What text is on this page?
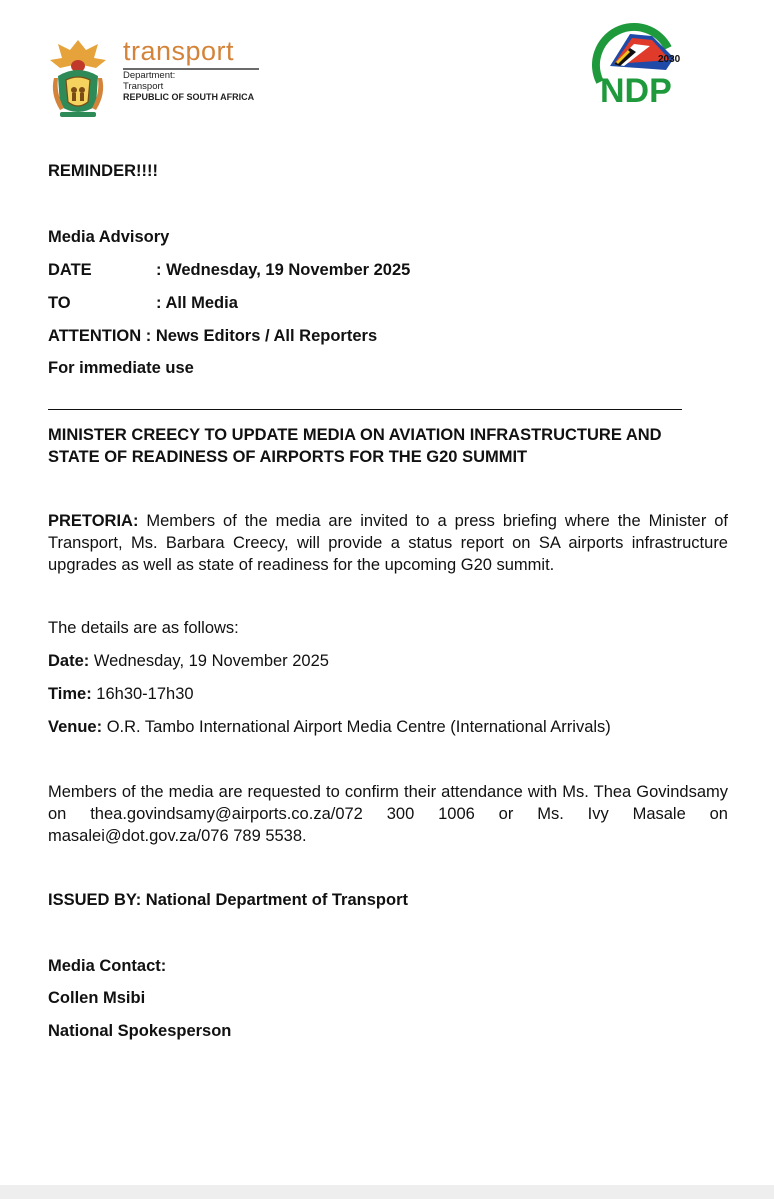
transport
Department:
Transport
REPUBLIC OF SOUTH AFRICA
2030
NDP
REMINDER!!!!
Media Advisory
DATE	: Wednesday, 19 November 2025
TO	: All Media
ATTENTION : News Editors / All Reporters
For immediate use
MINISTER CREECY TO UPDATE MEDIA ON AVIATION INFRASTRUCTURE AND
STATE OF READINESS OF AIRPORTS FOR THE G20 SUMMIT
PRETORIA: Members of the media are invited to a press briefing where the Minister of Transport, Ms. Barbara Creecy, will provide a status report on SA airports infrastructure upgrades as well as state of readiness for the upcoming G20 summit.
The details are as follows:
Date: Wednesday, 19 November 2025
Time: 16h30-17h30
Venue: O.R. Tambo International Airport Media Centre (International Arrivals)
Members of the media are requested to confirm their attendance with Ms. Thea Govindsamy on thea.govindsamy@airports.co.za/072 300 1006 or Ms. Ivy Masale on masalei@dot.gov.za/076 789 5538.
ISSUED BY: National Department of Transport
Media Contact:
Collen Msibi
National Spokesperson
